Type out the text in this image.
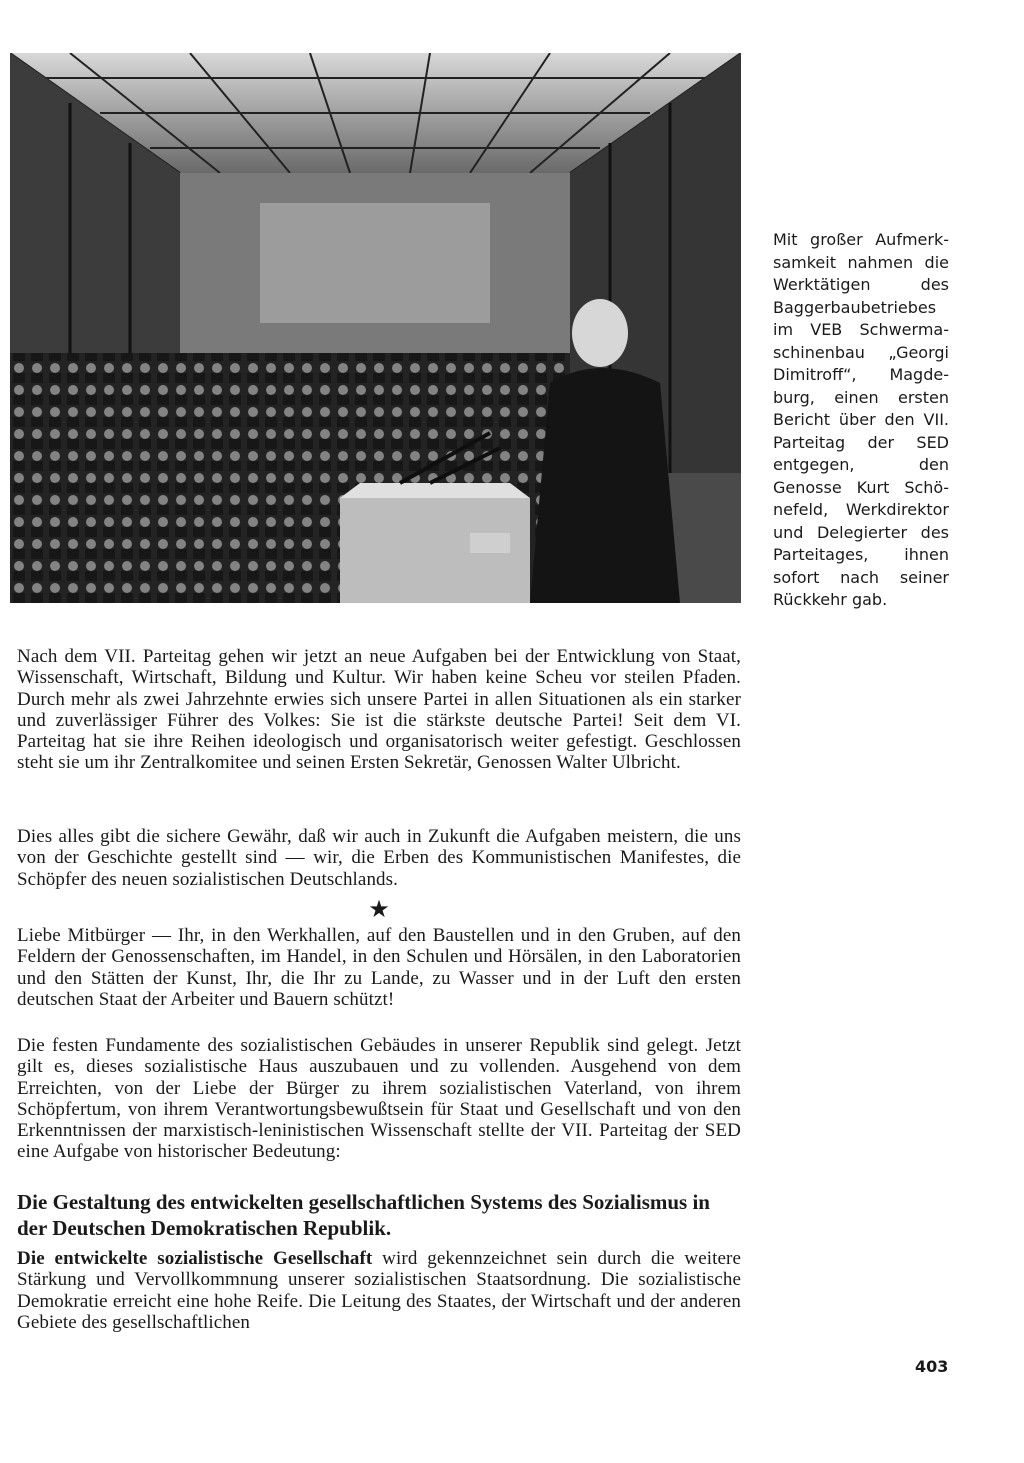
Mit großer Aufmerksamkeit nahmen die Werktätigen des Baggerbaubetriebes im VEB Schwermaschinenbau „Georgi Dimitroff“, Magdeburg, einen ersten Bericht über den VII. Parteitag der SED entgegen, den Genosse Kurt Schönefeld, Werkdirektor und Delegierter des Parteitages, ihnen sofort nach seiner Rückkehr gab.
Nach dem VII. Parteitag gehen wir jetzt an neue Aufgaben bei der Entwicklung von Staat, Wissenschaft, Wirtschaft, Bildung und Kultur. Wir haben keine Scheu vor steilen Pfaden. Durch mehr als zwei Jahrzehnte erwies sich unsere Partei in allen Situationen als ein starker und zuverlässiger Führer des Volkes: Sie ist die stärkste deutsche Partei! Seit dem VI. Parteitag hat sie ihre Reihen ideologisch und organisatorisch weiter gefestigt. Geschlossen steht sie um ihr Zentralkomitee und seinen Ersten Sekretär, Genossen Walter Ulbricht.
Dies alles gibt die sichere Gewähr, daß wir auch in Zukunft die Aufgaben meistern, die uns von der Geschichte gestellt sind — wir, die Erben des Kommunistischen Manifestes, die Schöpfer des neuen sozialistischen Deutschlands.
★
Liebe Mitbürger — Ihr, in den Werkhallen, auf den Baustellen und in den Gruben, auf den Feldern der Genossenschaften, im Handel, in den Schulen und Hörsälen, in den Laboratorien und den Stätten der Kunst, Ihr, die Ihr zu Lande, zu Wasser und in der Luft den ersten deutschen Staat der Arbeiter und Bauern schützt!
Die festen Fundamente des sozialistischen Gebäudes in unserer Republik sind gelegt. Jetzt gilt es, dieses sozialistische Haus auszubauen und zu vollenden. Ausgehend von dem Erreichten, von der Liebe der Bürger zu ihrem sozialistischen Vaterland, von ihrem Schöpfertum, von ihrem Verantwortungsbewußtsein für Staat und Gesellschaft und von den Erkenntnissen der marxistisch-leninistischen Wissenschaft stellte der VII. Parteitag der SED eine Aufgabe von historischer Bedeutung:
Die Gestaltung des entwickelten gesellschaftlichen Systems des Sozialismus in der Deutschen Demokratischen Republik.
Die entwickelte sozialistische Gesellschaft wird gekennzeichnet sein durch die weitere Stärkung und Vervollkommnung unserer sozialistischen Staatsordnung. Die sozialistische Demokratie erreicht eine hohe Reife. Die Leitung des Staates, der Wirtschaft und der anderen Gebiete des gesellschaftlichen
403
